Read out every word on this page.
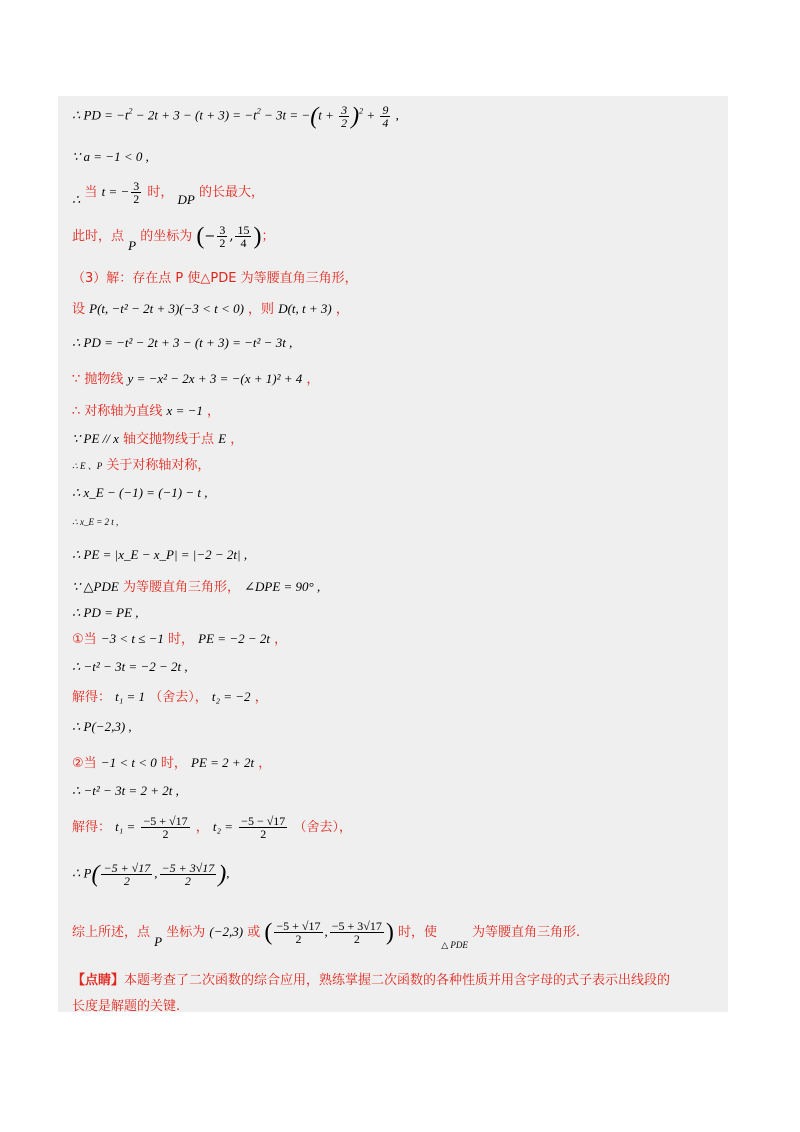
∴ PD = $-t^2 - 2t + 3 - (t + 3) = -t^2 - 3t = -(t + \frac{3}{2} )^2 + \frac{9}{4}$ ,
∵ a = −1 < 0 ,
∴ 当 t = − $\frac{3}{2}$ 时， DP 的长最大，
此时，点 P 的坐标为 (− $\frac{3}{2}$ , $\frac{15}{4}$ )；
（3）解：存在点 P 使△PDE 为等腰直角三角形，
设 P(t, −t² − 2t + 3)(−3 < t < 0) ，则 D(t, t + 3) ，
∴ PD = −t² − 2t + 3 − (t + 3) = −t² − 3t ,
∵ 抛物线 y = −x² − 2x + 3 = −(x + 1)² + 4 ，
∴ 对称轴为直线 x = −1 ，
∵ PE // x 轴交抛物线于点 E ，
∴ E 、P 关于对称轴对称，
∴ x_E − (−1) = (−1) − t ,
∴ x_E = 2 t ,
∴ PE = |x_E − x_P| = |−2 − 2t| ,
∵ △PDE 为等腰直角三角形， ∠DPE = 90° ,
∴ PD = PE ,
①当 −3 < t ≤ −1 时， PE = −2 − 2t ，
∴ −t² − 3t = −2 − 2t ,
解得： t₁ = 1 （舍去）， t₂ = −2 ，
∴ P(−2,3) ,
②当 −1 < t < 0 时， PE = 2 + 2t ，
∴ −t² − 3t = 2 + 2t ,
解得： $t_1 = \frac{-5 + √17}{2}$ ， $t_2 = \frac{-5 - √17}{2}$ （舍去），
∴ $P( \frac{-5 + √17}{2}$ , $\frac{-5 + 3√17}{2}$ ),
综上所述，点 P 坐标为 (−2,3) 或 ( $\frac{-5 + √17}{2}$ , $\frac{-5 + 3√17}{2}$ ) 时，使 $_{\triangle PDE}$ 为等腰直角三角形.
【点睛】本题考查了二次函数的综合应用，熟练掌握二次函数的各种性质并用含字母的式子表示出线段的
长度是解题的关键.
